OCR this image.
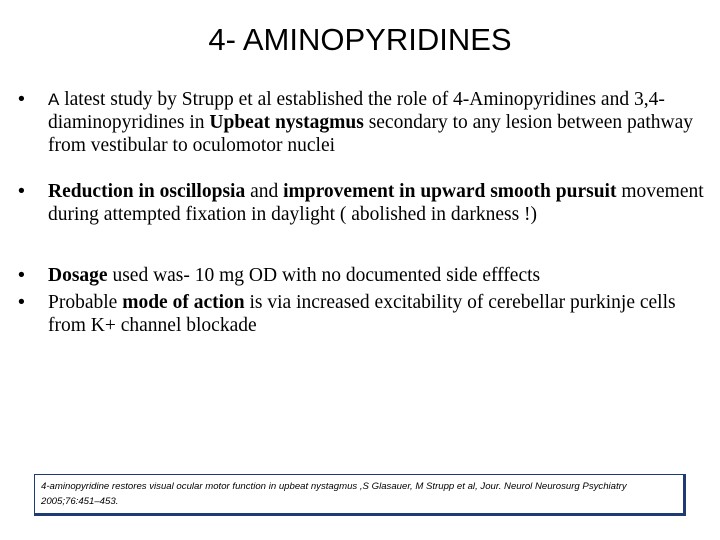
4- AMINOPYRIDINES
•	A latest study by Strupp et al established the role of 4-Aminopyridines and 3,4-diaminopyridines in Upbeat nystagmus secondary to any lesion between pathway from vestibular to oculomotor nuclei
•	Reduction in oscillopsia and improvement in upward smooth pursuit movement during attempted fixation in daylight ( abolished in darkness !)
•	Dosage used was- 10 mg OD with no documented side efffects
•	Probable mode of action is via increased excitability of cerebellar purkinje cells from K+ channel blockade
4-aminopyridine restores visual ocular motor function in upbeat nystagmus ,S Glasauer, M Strupp et al, Jour. Neurol Neurosurg Psychiatry 2005;76:451–453.
